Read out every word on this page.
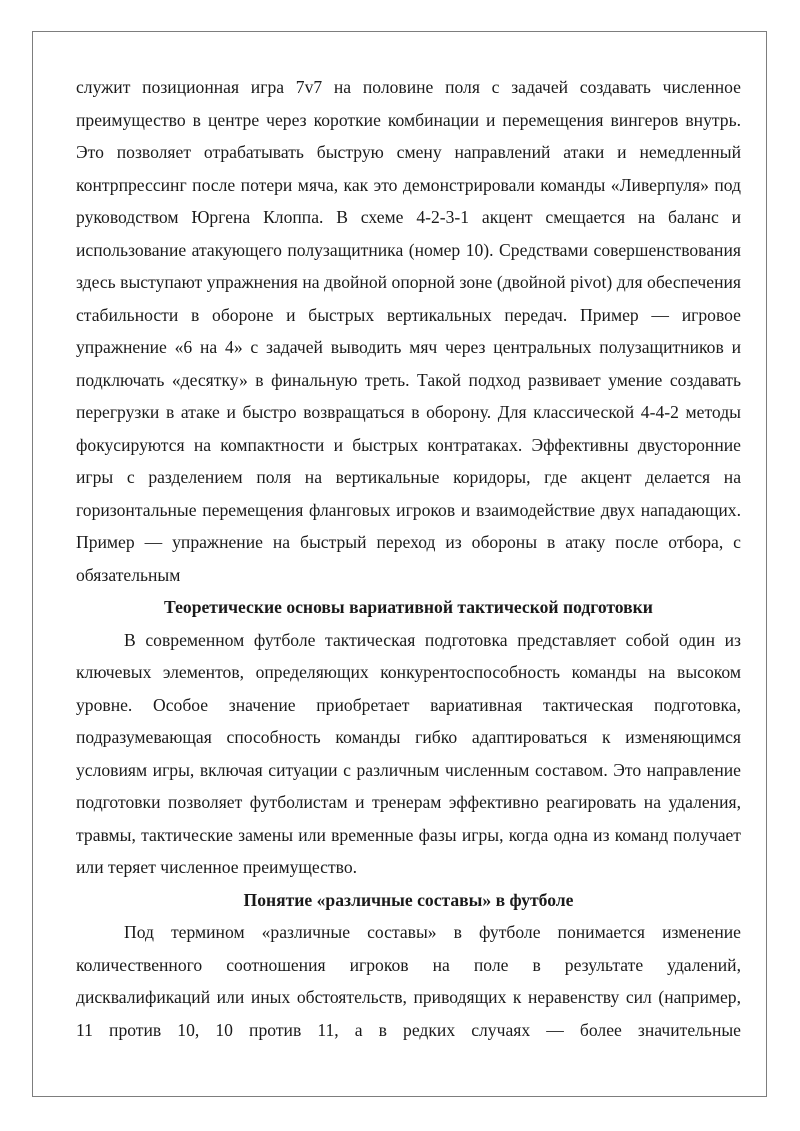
служит позиционная игра 7v7 на половине поля с задачей создавать численное преимущество в центре через короткие комбинации и перемещения вингеров внутрь. Это позволяет отрабатывать быструю смену направлений атаки и немедленный контрпрессинг после потери мяча, как это демонстрировали команды «Ливерпуля» под руководством Юргена Клоппа. В схеме 4-2-3-1 акцент смещается на баланс и использование атакующего полузащитника (номер 10). Средствами совершенствования здесь выступают упражнения на двойной опорной зоне (двойной pivot) для обеспечения стабильности в обороне и быстрых вертикальных передач. Пример — игровое упражнение «6 на 4» с задачей выводить мяч через центральных полузащитников и подключать «десятку» в финальную треть. Такой подход развивает умение создавать перегрузки в атаке и быстро возвращаться в оборону. Для классической 4-4-2 методы фокусируются на компактности и быстрых контратаках. Эффективны двусторонние игры с разделением поля на вертикальные коридоры, где акцент делается на горизонтальные перемещения фланговых игроков и взаимодействие двух нападающих. Пример — упражнение на быстрый переход из обороны в атаку после отбора, с обязательным

Теоретические основы вариативной тактической подготовки

В современном футболе тактическая подготовка представляет собой один из ключевых элементов, определяющих конкурентоспособность команды на высоком уровне. Особое значение приобретает вариативная тактическая подготовка, подразумевающая способность команды гибко адаптироваться к изменяющимся условиям игры, включая ситуации с различным численным составом. Это направление подготовки позволяет футболистам и тренерам эффективно реагировать на удаления, травмы, тактические замены или временные фазы игры, когда одна из команд получает или теряет численное преимущество.

Понятие «различные составы» в футболе

Под термином «различные составы» в футболе понимается изменение количественного соотношения игроков на поле в результате удалений, дисквалификаций или иных обстоятельств, приводящих к неравенству сил (например, 11 против 10, 10 против 11, а в редких случаях — более значительные
